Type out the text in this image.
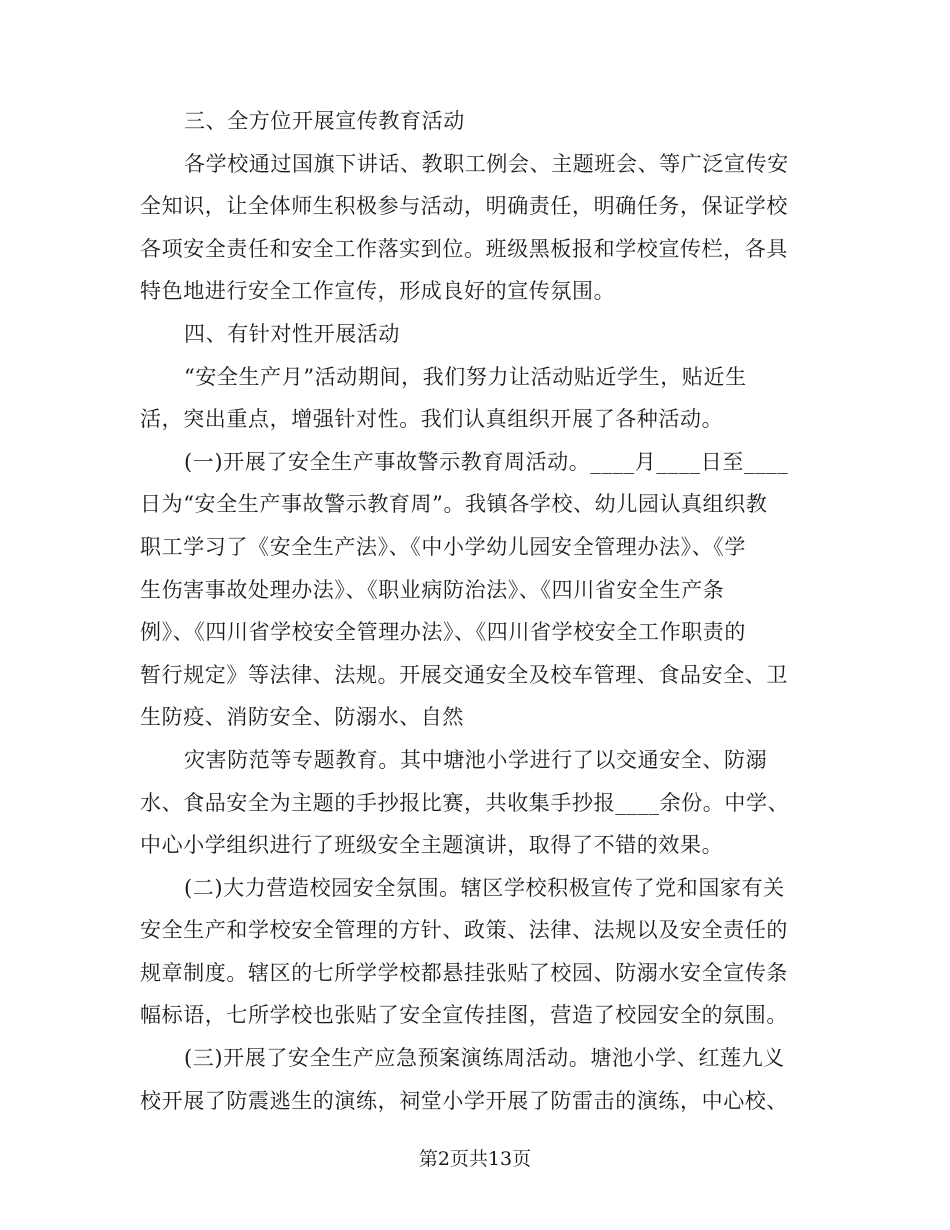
三、全方位开展宣传教育活动
各学校通过国旗下讲话、教职工例会、主题班会、等广泛宣传安
全知识，让全体师生积极参与活动，明确责任，明确任务，保证学校
各项安全责任和安全工作落实到位。班级黑板报和学校宣传栏，各具
特色地进行安全工作宣传，形成良好的宣传氛围。
四、有针对性开展活动
“安全生产月”活动期间，我们努力让活动贴近学生，贴近生
活，突出重点，增强针对性。我们认真组织开展了各种活动。
(一)开展了安全生产事故警示教育周活动。____月____日至____
日为“安全生产事故警示教育周”。我镇各学校、幼儿园认真组织教
职工学习了《安全生产法》、《中小学幼儿园安全管理办法》、《学
生伤害事故处理办法》、《职业病防治法》、《四川省安全生产条
例》、《四川省学校安全管理办法》、《四川省学校安全工作职责的
暂行规定》等法律、法规。开展交通安全及校车管理、食品安全、卫
生防疫、消防安全、防溺水、自然
灾害防范等专题教育。其中塘池小学进行了以交通安全、防溺
水、食品安全为主题的手抄报比赛，共收集手抄报____余份。中学、
中心小学组织进行了班级安全主题演讲，取得了不错的效果。
(二)大力营造校园安全氛围。辖区学校积极宣传了党和国家有关
安全生产和学校安全管理的方针、政策、法律、法规以及安全责任的
规章制度。辖区的七所学学校都悬挂张贴了校园、防溺水安全宣传条
幅标语，七所学校也张贴了安全宣传挂图，营造了校园安全的氛围。
(三)开展了安全生产应急预案演练周活动。塘池小学、红莲九义
校开展了防震逃生的演练，祠堂小学开展了防雷击的演练，中心校、
第2页共13页
